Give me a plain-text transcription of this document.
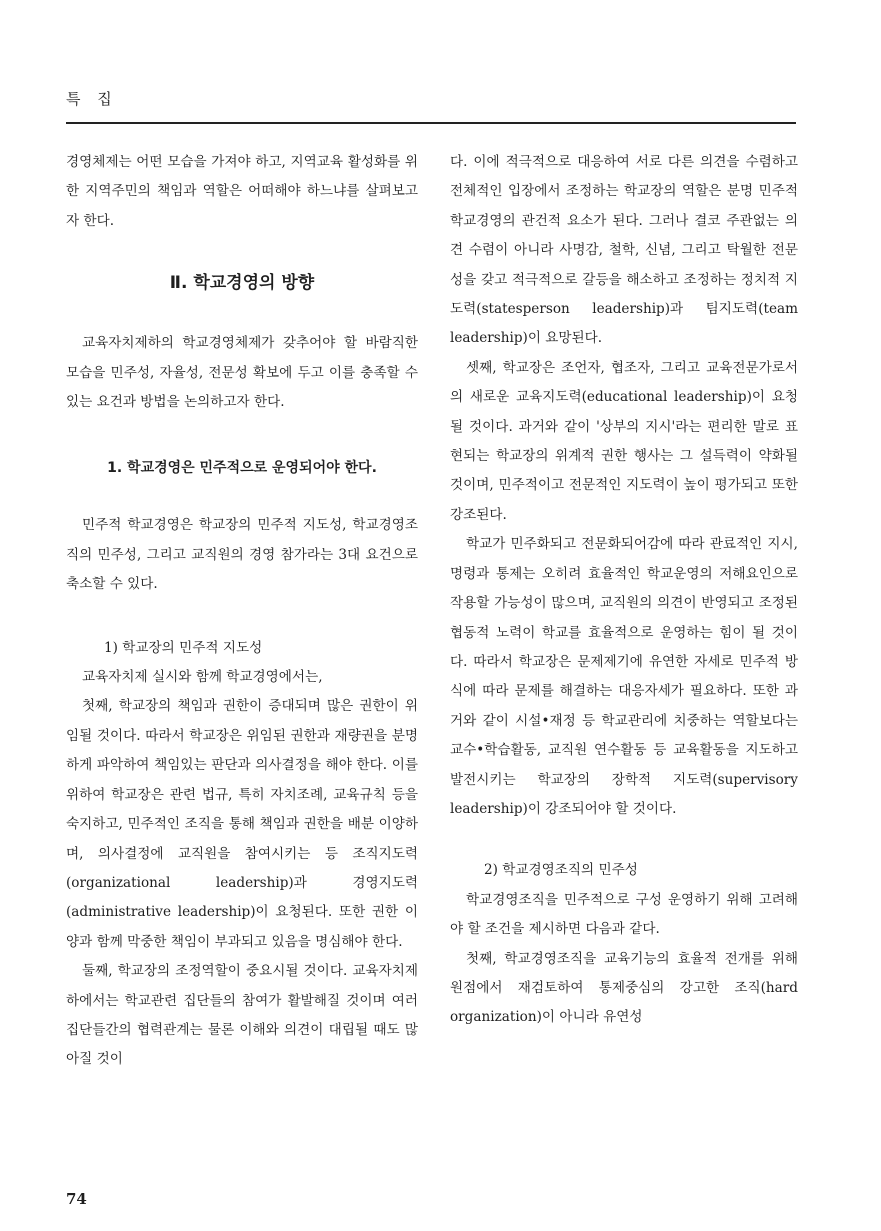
특 집

경영체제는 어떤 모습을 가져야 하고, 지역교육 활성화를 위한 지역주민의 책임과 역할은 어떠해야 하느냐를 살펴보고자 한다.

Ⅱ. 학교경영의 방향

교육자치제하의 학교경영체제가 갖추어야 할 바람직한 모습을 민주성, 자율성, 전문성 확보에 두고 이를 충족할 수 있는 요건과 방법을 논의하고자 한다.

1. 학교경영은 민주적으로 운영되어야 한다.

민주적 학교경영은 학교장의 민주적 지도성, 학교경영조직의 민주성, 그리고 교직원의 경영 참가라는 3대 요건으로 축소할 수 있다.

1) 학교장의 민주적 지도성

교육자치제 실시와 함께 학교경영에서는,

첫째, 학교장의 책임과 권한이 증대되며 많은 권한이 위임될 것이다. 따라서 학교장은 위임된 권한과 재량권을 분명하게 파악하여 책임있는 판단과 의사결정을 해야 한다. 이를 위하여 학교장은 관련 법규, 특히 자치조례, 교육규칙 등을 숙지하고, 민주적인 조직을 통해 책임과 권한을 배분 이양하며, 의사결정에 교직원을 참여시키는 등 조직지도력(organizational leadership)과 경영지도력(administrative leadership)이 요청된다. 또한 권한 이양과 함께 막중한 책임이 부과되고 있음을 명심해야 한다.

둘째, 학교장의 조정역할이 중요시될 것이다. 교육자치제하에서는 학교관련 집단들의 참여가 활발해질 것이며 여러 집단들간의 협력관계는 물론 이해와 의견이 대립될 때도 많아질 것이

다. 이에 적극적으로 대응하여 서로 다른 의견을 수렴하고 전체적인 입장에서 조정하는 학교장의 역할은 분명 민주적 학교경영의 관건적 요소가 된다. 그러나 결코 주관없는 의견 수렴이 아니라 사명감, 철학, 신념, 그리고 탁월한 전문성을 갖고 적극적으로 갈등을 해소하고 조정하는 정치적 지도력(statesperson leadership)과 팀지도력(team leadership)이 요망된다.

셋째, 학교장은 조언자, 협조자, 그리고 교육전문가로서의 새로운 교육지도력(educational leadership)이 요청될 것이다. 과거와 같이 '상부의 지시'라는 편리한 말로 표현되는 학교장의 위계적 권한 행사는 그 설득력이 약화될 것이며, 민주적이고 전문적인 지도력이 높이 평가되고 또한 강조된다.

학교가 민주화되고 전문화되어감에 따라 관료적인 지시, 명령과 통제는 오히려 효율적인 학교운영의 저해요인으로 작용할 가능성이 많으며, 교직원의 의견이 반영되고 조정된 협동적 노력이 학교를 효율적으로 운영하는 힘이 될 것이다. 따라서 학교장은 문제제기에 유연한 자세로 민주적 방식에 따라 문제를 해결하는 대응자세가 필요하다. 또한 과거와 같이 시설•재정 등 학교관리에 치중하는 역할보다는 교수•학습활동, 교직원 연수활동 등 교육활동을 지도하고 발전시키는 학교장의 장학적 지도력(supervisory leadership)이 강조되어야 할 것이다.

2) 학교경영조직의 민주성

학교경영조직을 민주적으로 구성 운영하기 위해 고려해야 할 조건을 제시하면 다음과 같다.

첫째, 학교경영조직을 교육기능의 효율적 전개를 위해 원점에서 재검토하여 통제중심의 강고한 조직(hard organization)이 아니라 유연성

74
